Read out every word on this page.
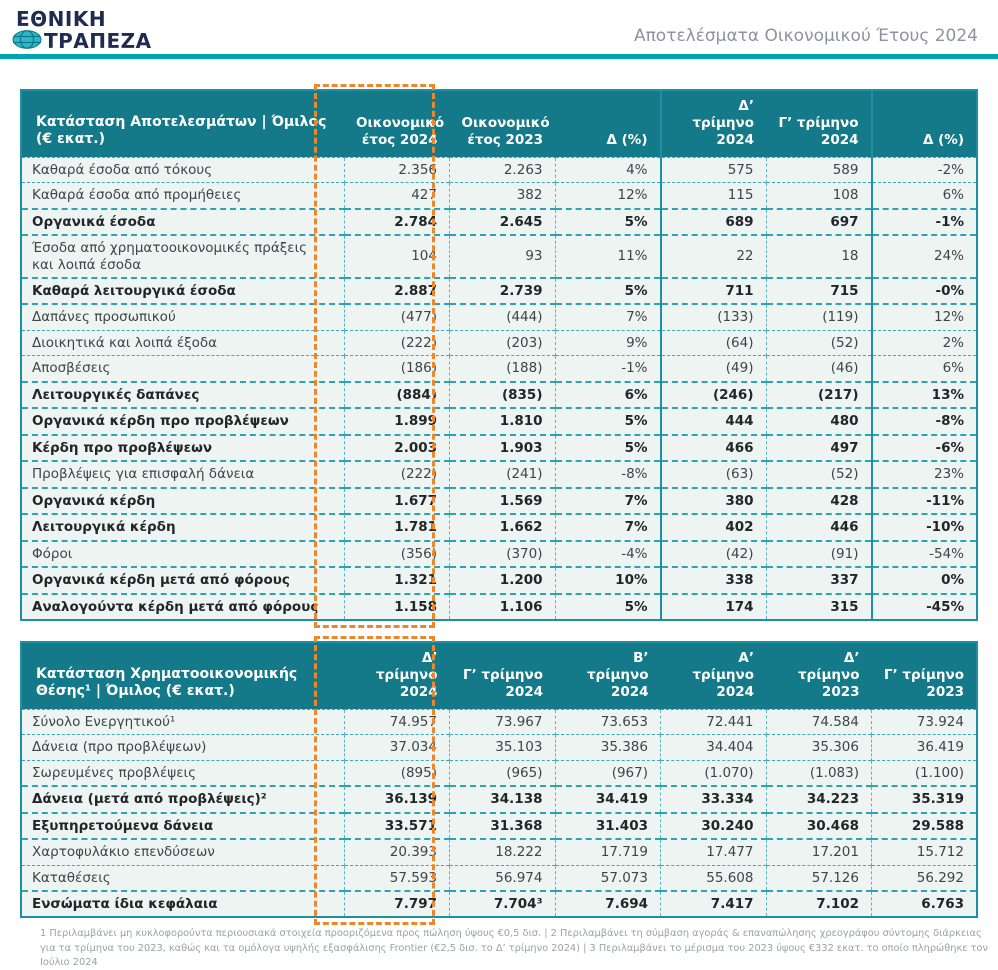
ΕΘΝΙΚΗ
ΤΡΑΠΕΖΑ	Αποτελέσματα Οικονομικού Έτους 2024
Κατάσταση Αποτελεσμάτων | Όμιλος (€ εκατ.)	Οικονομικό έτος 2024	Οικονομικό έτος 2023	Δ (%)	Δ’ τρίμηνο 2024	Γ’ τρίμηνο 2024	Δ (%)
Καθαρά έσοδα από τόκους	2.356	2.263	4%	575	589	-2%
Καθαρά έσοδα από προμήθειες	427	382	12%	115	108	6%
Οργανικά έσοδα	2.784	2.645	5%	689	697	-1%
Έσοδα από χρηματοοικονομικές πράξεις και λοιπά έσοδα	104	93	11%	22	18	24%
Καθαρά λειτουργικά έσοδα	2.887	2.739	5%	711	715	-0%
Δαπάνες προσωπικού	(477)	(444)	7%	(133)	(119)	12%
Διοικητικά και λοιπά έξοδα	(222)	(203)	9%	(64)	(52)	2%
Αποσβέσεις	(186)	(188)	-1%	(49)	(46)	6%
Λειτουργικές δαπάνες	(884)	(835)	6%	(246)	(217)	13%
Οργανικά κέρδη προ προβλέψεων	1.899	1.810	5%	444	480	-8%
Κέρδη προ προβλέψεων	2.003	1.903	5%	466	497	-6%
Προβλέψεις για επισφαλή δάνεια	(222)	(241)	-8%	(63)	(52)	23%
Οργανικά κέρδη	1.677	1.569	7%	380	428	-11%
Λειτουργικά κέρδη	1.781	1.662	7%	402	446	-10%
Φόροι	(356)	(370)	-4%	(42)	(91)	-54%
Οργανικά κέρδη μετά από φόρους	1.321	1.200	10%	338	337	0%
Αναλογούντα κέρδη μετά από φόρους	1.158	1.106	5%	174	315	-45%
Κατάσταση Χρηματοοικονομικής Θέσης¹ | Όμιλος (€ εκατ.)	Δ’ τρίμηνο 2024	Γ’ τρίμηνο 2024	Β’ τρίμηνο 2024	Α’ τρίμηνο 2024	Δ’ τρίμηνο 2023	Γ’ τρίμηνο 2023
Σύνολο Ενεργητικού¹	74.957	73.967	73.653	72.441	74.584	73.924
Δάνεια (προ προβλέψεων)	37.034	35.103	35.386	34.404	35.306	36.419
Σωρευμένες προβλέψεις	(895)	(965)	(967)	(1.070)	(1.083)	(1.100)
Δάνεια (μετά από προβλέψεις)²	36.139	34.138	34.419	33.334	34.223	35.319
Εξυπηρετούμενα δάνεια	33.571	31.368	31.403	30.240	30.468	29.588
Χαρτοφυλάκιο επενδύσεων	20.393	18.222	17.719	17.477	17.201	15.712
Καταθέσεις	57.593	56.974	57.073	55.608	57.126	56.292
Ενσώματα ίδια κεφάλαια	7.797	7.704³	7.694	7.417	7.102	6.763
1 Περιλαμβάνει μη κυκλοφορούντα περιουσιακά στοιχεία προοριζόμενα προς πώληση ύψους €0,5 δισ. | 2 Περιλαμβάνει τη σύμβαση αγοράς & επαναπώλησης χρεογράφου σύντομης διάρκειας για τα τρίμηνα του 2023, καθώς και τα ομόλογα υψηλής εξασφάλισης Frontier (€2,5 δισ. το Δ’ τρίμηνο 2024) | 3 Περιλαμβάνει το μέρισμα του 2023 ύψους €332 εκατ. το οποίο πληρώθηκε τον Ιούλιο 2024
